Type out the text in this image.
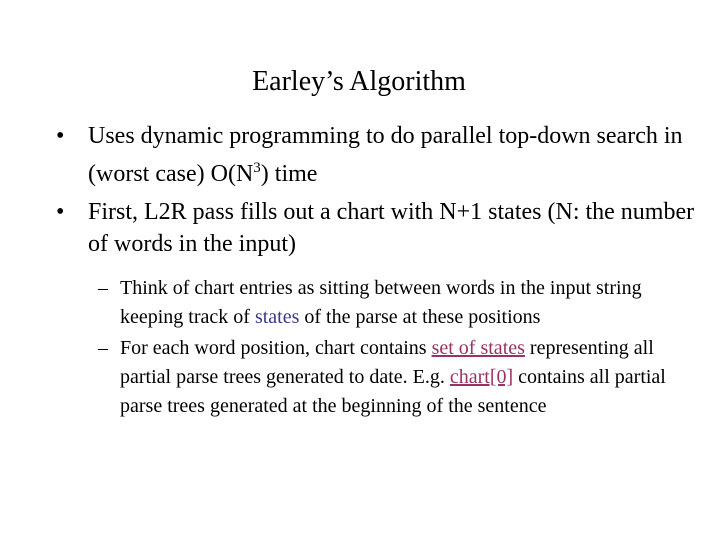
Earley’s Algorithm
• Uses dynamic programming to do parallel top-down search in (worst case) $O(N^3)$ time
• First, L2R pass fills out a chart with N+1 states (N: the number of words in the input)
– Think of chart entries as sitting between words in the input string keeping track of states of the parse at these positions
– For each word position, chart contains set of states representing all partial parse trees generated to date. E.g. chart[0] contains all partial parse trees generated at the beginning of the sentence
